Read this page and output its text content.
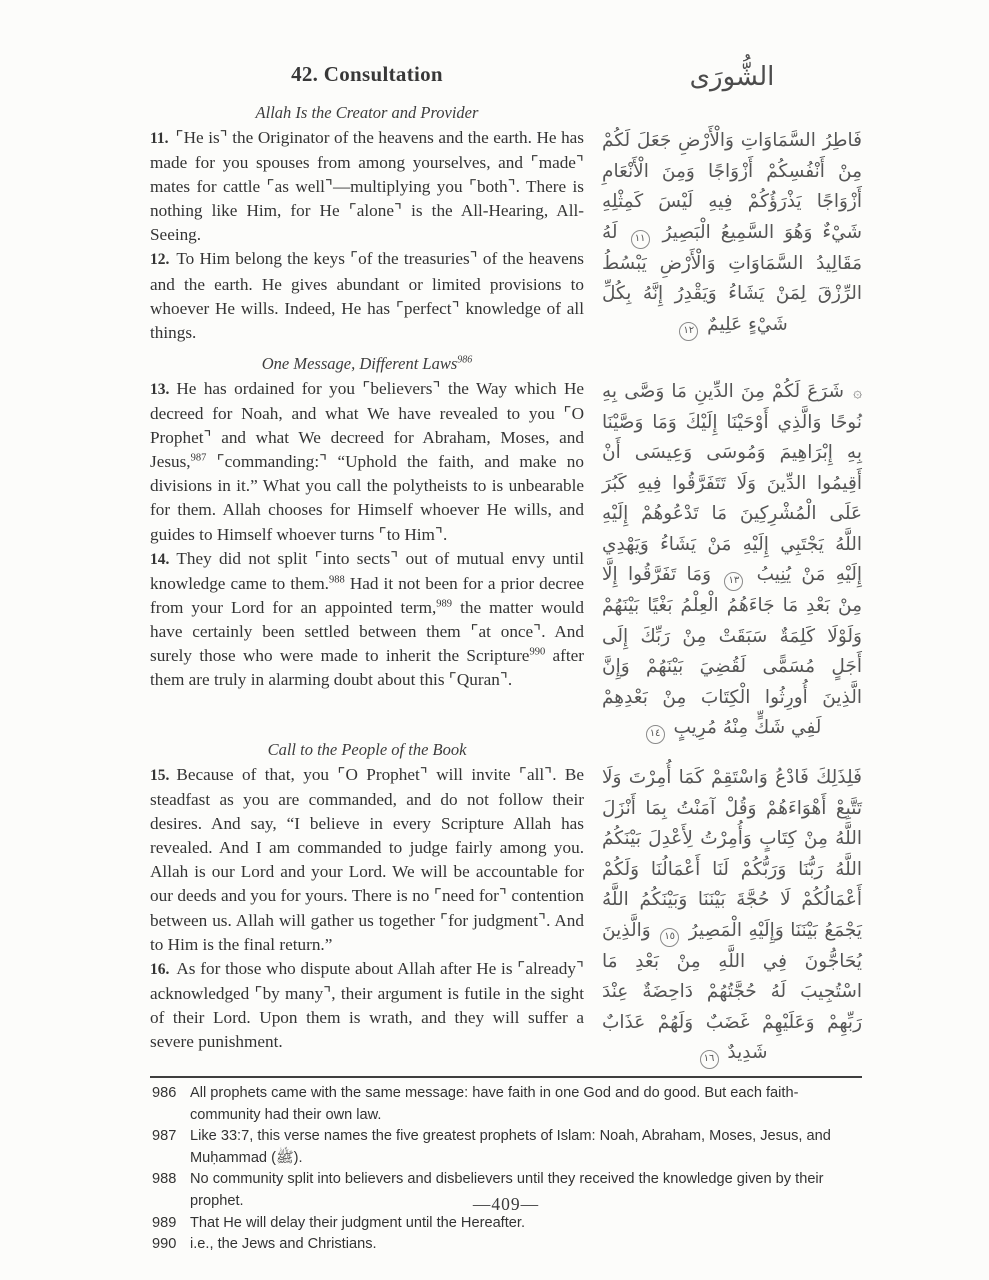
42. Consultation	الشُّورَى
Allah Is the Creator and Provider

11. ⌜He is⌝ the Originator of the heavens and the earth. He has made for you spouses from among yourselves, and ⌜made⌝ mates for cattle ⌜as well⌝—multiplying you ⌜both⌝. There is nothing like Him, for He ⌜alone⌝ is the All-Hearing, All-Seeing.

12. To Him belong the keys ⌜of the treasuries⌝ of the heavens and the earth. He gives abundant or limited provisions to whoever He wills. Indeed, He has ⌜perfect⌝ knowledge of all things.

فَاطِرُ السَّمَاوَاتِ وَالْأَرْضِ جَعَلَ لَكُمْ مِنْ أَنْفُسِكُمْ أَزْوَاجًا وَمِنَ الْأَنْعَامِ أَزْوَاجًا يَذْرَؤُكُمْ فِيهِ لَيْسَ كَمِثْلِهِ شَيْءٌ وَهُوَ السَّمِيعُ الْبَصِيرُ ١١ لَهُ مَقَالِيدُ السَّمَاوَاتِ وَالْأَرْضِ يَبْسُطُ الرِّزْقَ لِمَنْ يَشَاءُ وَيَقْدِرُ إِنَّهُ بِكُلِّ شَيْءٍ عَلِيمٌ ١٢
One Message, Different Laws$^{986}$

13. He has ordained for you ⌜believers⌝ the Way which He decreed for Noah, and what We have revealed to you ⌜O Prophet⌝ and what We decreed for Abraham, Moses, and Jesus,$^{987}$ ⌜commanding:⌝ “Uphold the faith, and make no divisions in it.” What you call the polytheists to is unbearable for them. Allah chooses for Himself whoever He wills, and guides to Himself whoever turns ⌜to Him⌝.

14. They did not split ⌜into sects⌝ out of mutual envy until knowledge came to them.$^{988}$ Had it not been for a prior decree from your Lord for an appointed term,$^{989}$ the matter would have certainly been settled between them ⌜at once⌝. And surely those who were made to inherit the Scripture$^{990}$ after them are truly in alarming doubt about this ⌜Quran⌝.

۞ شَرَعَ لَكُمْ مِنَ الدِّينِ مَا وَصَّى بِهِ نُوحًا وَالَّذِي أَوْحَيْنَا إِلَيْكَ وَمَا وَصَّيْنَا بِهِ إِبْرَاهِيمَ وَمُوسَى وَعِيسَى أَنْ أَقِيمُوا الدِّينَ وَلَا تَتَفَرَّقُوا فِيهِ كَبُرَ عَلَى الْمُشْرِكِينَ مَا تَدْعُوهُمْ إِلَيْهِ اللَّهُ يَجْتَبِي إِلَيْهِ مَنْ يَشَاءُ وَيَهْدِي إِلَيْهِ مَنْ يُنِيبُ ١٣ وَمَا تَفَرَّقُوا إِلَّا مِنْ بَعْدِ مَا جَاءَهُمُ الْعِلْمُ بَغْيًا بَيْنَهُمْ وَلَوْلَا كَلِمَةٌ سَبَقَتْ مِنْ رَبِّكَ إِلَى أَجَلٍ مُسَمًّى لَقُضِيَ بَيْنَهُمْ وَإِنَّ الَّذِينَ أُورِثُوا الْكِتَابَ مِنْ بَعْدِهِمْ لَفِي شَكٍّ مِنْهُ مُرِيبٍ ١٤
Call to the People of the Book

15. Because of that, you ⌜O Prophet⌝ will invite ⌜all⌝. Be steadfast as you are commanded, and do not follow their desires. And say, “I believe in every Scripture Allah has revealed. And I am commanded to judge fairly among you. Allah is our Lord and your Lord. We will be accountable for our deeds and you for yours. There is no ⌜need for⌝ contention between us. Allah will gather us together ⌜for judgment⌝. And to Him is the final return.”

16. As for those who dispute about Allah after He is ⌜already⌝ acknowledged ⌜by many⌝, their argument is futile in the sight of their Lord. Upon them is wrath, and they will suffer a severe punishment.

فَلِذَلِكَ فَادْعُ وَاسْتَقِمْ كَمَا أُمِرْتَ وَلَا تَتَّبِعْ أَهْوَاءَهُمْ وَقُلْ آمَنْتُ بِمَا أَنْزَلَ اللَّهُ مِنْ كِتَابٍ وَأُمِرْتُ لِأَعْدِلَ بَيْنَكُمُ اللَّهُ رَبُّنَا وَرَبُّكُمْ لَنَا أَعْمَالُنَا وَلَكُمْ أَعْمَالُكُمْ لَا حُجَّةَ بَيْنَنَا وَبَيْنَكُمُ اللَّهُ يَجْمَعُ بَيْنَنَا وَإِلَيْهِ الْمَصِيرُ ١٥ وَالَّذِينَ يُحَاجُّونَ فِي اللَّهِ مِنْ بَعْدِ مَا اسْتُجِيبَ لَهُ حُجَّتُهُمْ دَاحِضَةٌ عِنْدَ رَبِّهِمْ وَعَلَيْهِمْ غَضَبٌ وَلَهُمْ عَذَابٌ شَدِيدٌ ١٦
986 All prophets came with the same message: have faith in one God and do good. But each faith-community had their own law.
987 Like 33:7, this verse names the five greatest prophets of Islam: Noah, Abraham, Moses, Jesus, and Muḥammad (ﷺ).
988 No community split into believers and disbelievers until they received the knowledge given by their prophet.
989 That He will delay their judgment until the Hereafter.
990 i.e., the Jews and Christians.
—409—
